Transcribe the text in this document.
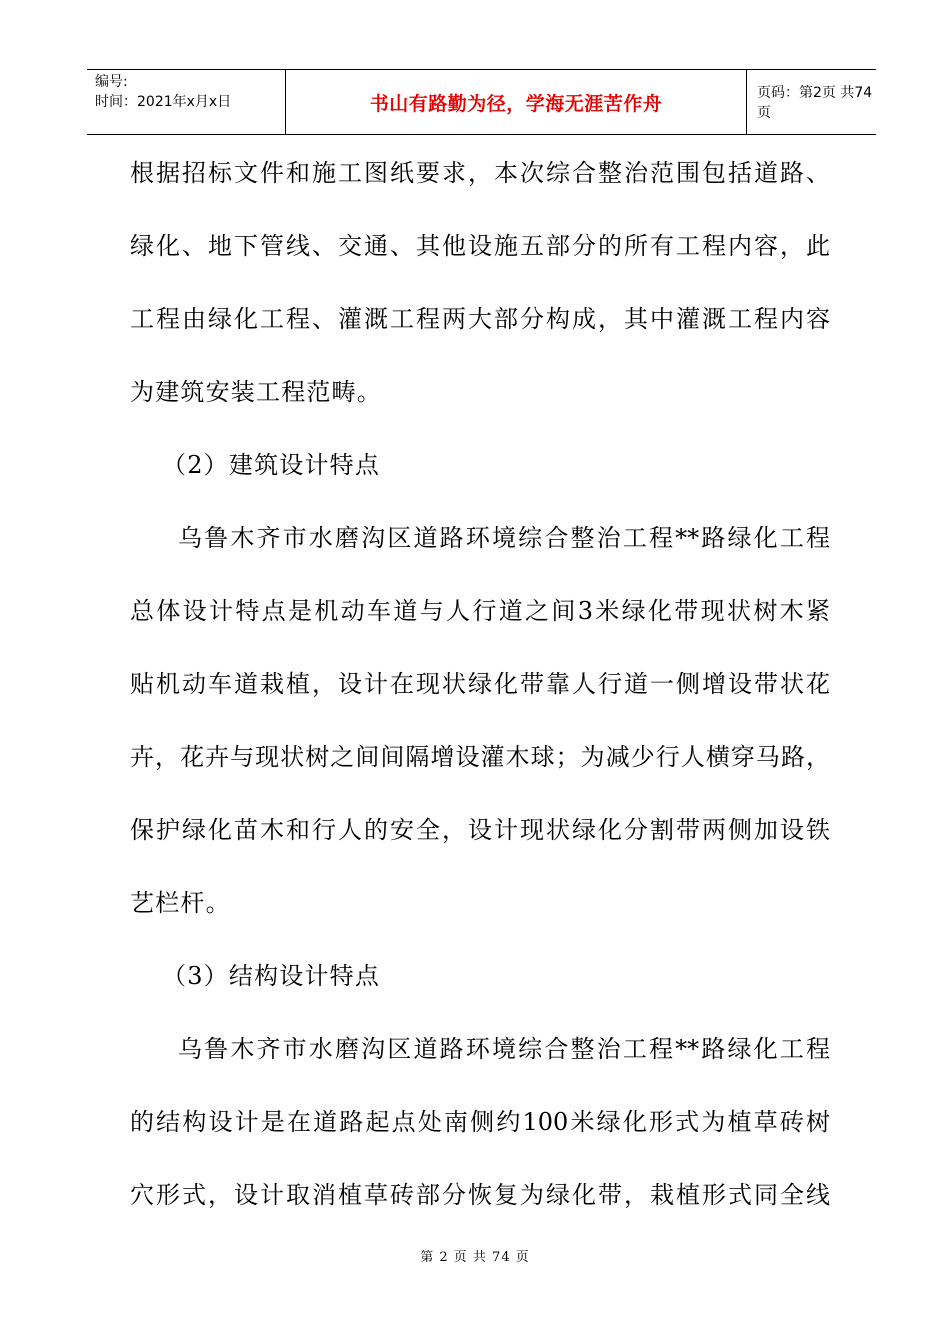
编号:
时间：2021年x月x日	书山有路勤为径，学海无涯苦作舟	页码：第2页 共74页
根据招标文件和施工图纸要求，本次综合整治范围包括道路、
绿化、地下管线、交通、其他设施五部分的所有工程内容，此
工程由绿化工程、灌溉工程两大部分构成，其中灌溉工程内容
为建筑安装工程范畴。
（2）建筑设计特点
乌鲁木齐市水磨沟区道路环境综合整治工程**路绿化工程
总体设计特点是机动车道与人行道之间3米绿化带现状树木紧
贴机动车道栽植，设计在现状绿化带靠人行道一侧增设带状花
卉，花卉与现状树之间间隔增设灌木球；为减少行人横穿马路，
保护绿化苗木和行人的安全，设计现状绿化分割带两侧加设铁
艺栏杆。
（3）结构设计特点
乌鲁木齐市水磨沟区道路环境综合整治工程**路绿化工程
的结构设计是在道路起点处南侧约100米绿化形式为植草砖树
穴形式，设计取消植草砖部分恢复为绿化带，栽植形式同全线
第 2 页 共 74 页
